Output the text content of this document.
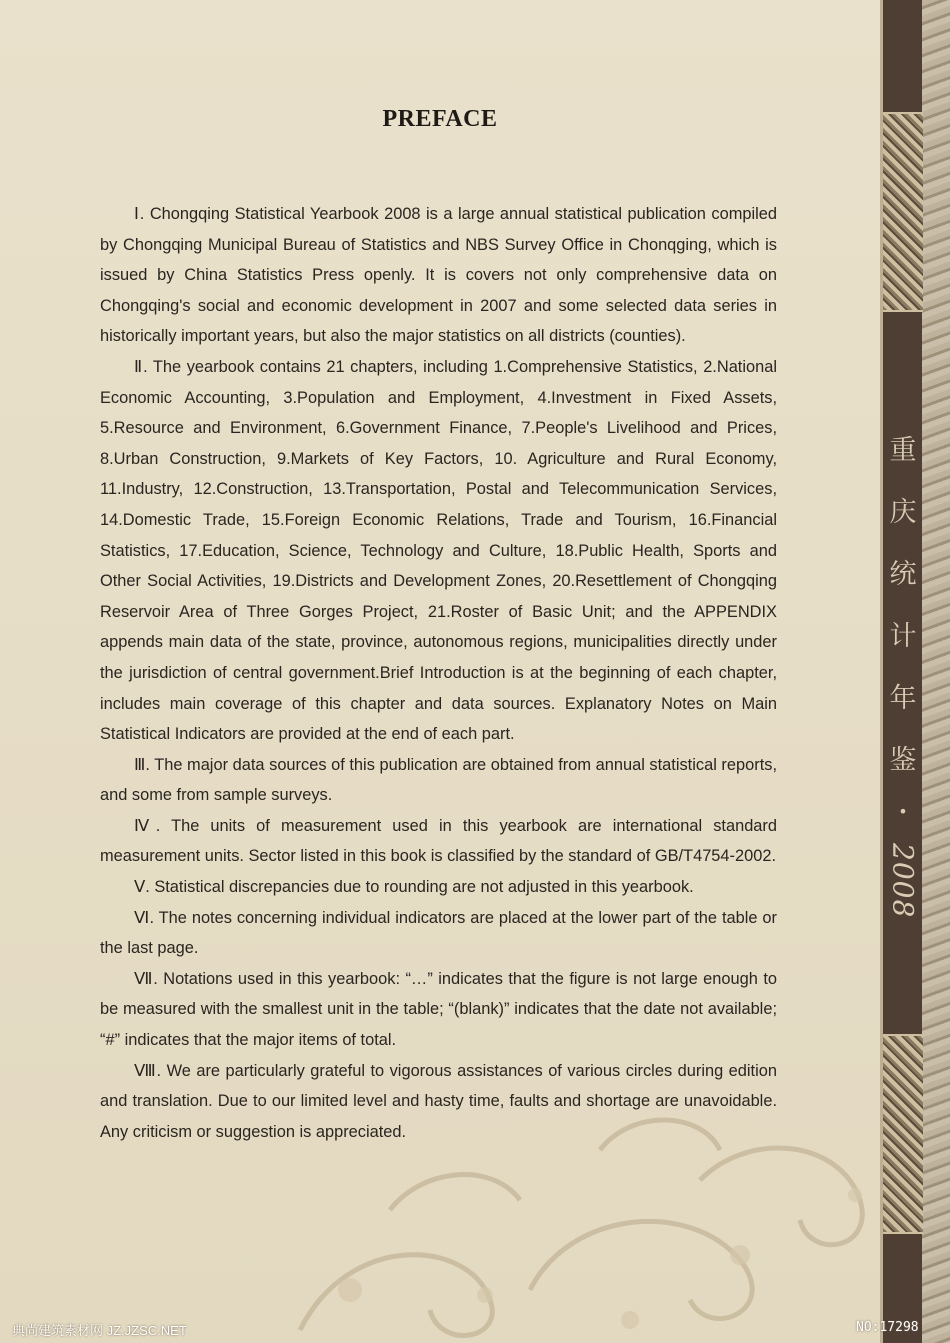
PREFACE

Ⅰ. Chongqing Statistical Yearbook 2008 is a large annual statistical publication compiled by Chongqing Municipal Bureau of Statistics and NBS Survey Office in Chonqging, which is issued by China Statistics Press openly. It is covers not only comprehensive data on Chongqing's social and economic development in 2007 and some selected data series in historically important years, but also the major statistics on all districts (counties).

Ⅱ. The yearbook contains 21 chapters, including 1.Comprehensive Statistics, 2.National Economic Accounting, 3.Population and Employment, 4.Investment in Fixed Assets, 5.Resource and Environment, 6.Government Finance, 7.People's Livelihood and Prices, 8.Urban Construction, 9.Markets of Key Factors, 10. Agriculture and Rural Economy, 11.Industry, 12.Construction, 13.Transportation, Postal and Telecommunication Services, 14.Domestic Trade, 15.Foreign Economic Relations, Trade and Tourism, 16.Financial Statistics, 17.Education, Science, Technology and Culture, 18.Public Health, Sports and Other Social Activities, 19.Districts and Development Zones, 20.Resettlement of Chongqing Reservoir Area of Three Gorges Project, 21.Roster of Basic Unit; and the APPENDIX appends main data of the state, province, autonomous regions, municipalities directly under the jurisdiction of central government.Brief Introduction is at the beginning of each chapter, includes main coverage of this chapter and data sources. Explanatory Notes on Main Statistical Indicators are provided at the end of each part.

Ⅲ. The major data sources of this publication are obtained from annual statistical reports, and some from sample surveys.

Ⅳ. The units of measurement used in this yearbook are international standard measurement units. Sector listed in this book is classified by the standard of GB/T4754-2002.

Ⅴ. Statistical discrepancies due to rounding are not adjusted in this yearbook.

Ⅵ. The notes concerning individual indicators are placed at the lower part of the table or the last page.

Ⅶ. Notations used in this yearbook: “…” indicates that the figure is not large enough to be measured with the smallest unit in the table; “(blank)” indicates that the date not available; “#” indicates that the major items of total.

Ⅷ. We are particularly grateful to vigorous assistances of various circles during edition and translation. Due to our limited level and hasty time, faults and shortage are unavoidable. Any criticism or suggestion is appreciated.

重
庆
统
计
年
鉴
•
2008
典尚建筑素材网 JZ.JZSC.NET	NO:17298
